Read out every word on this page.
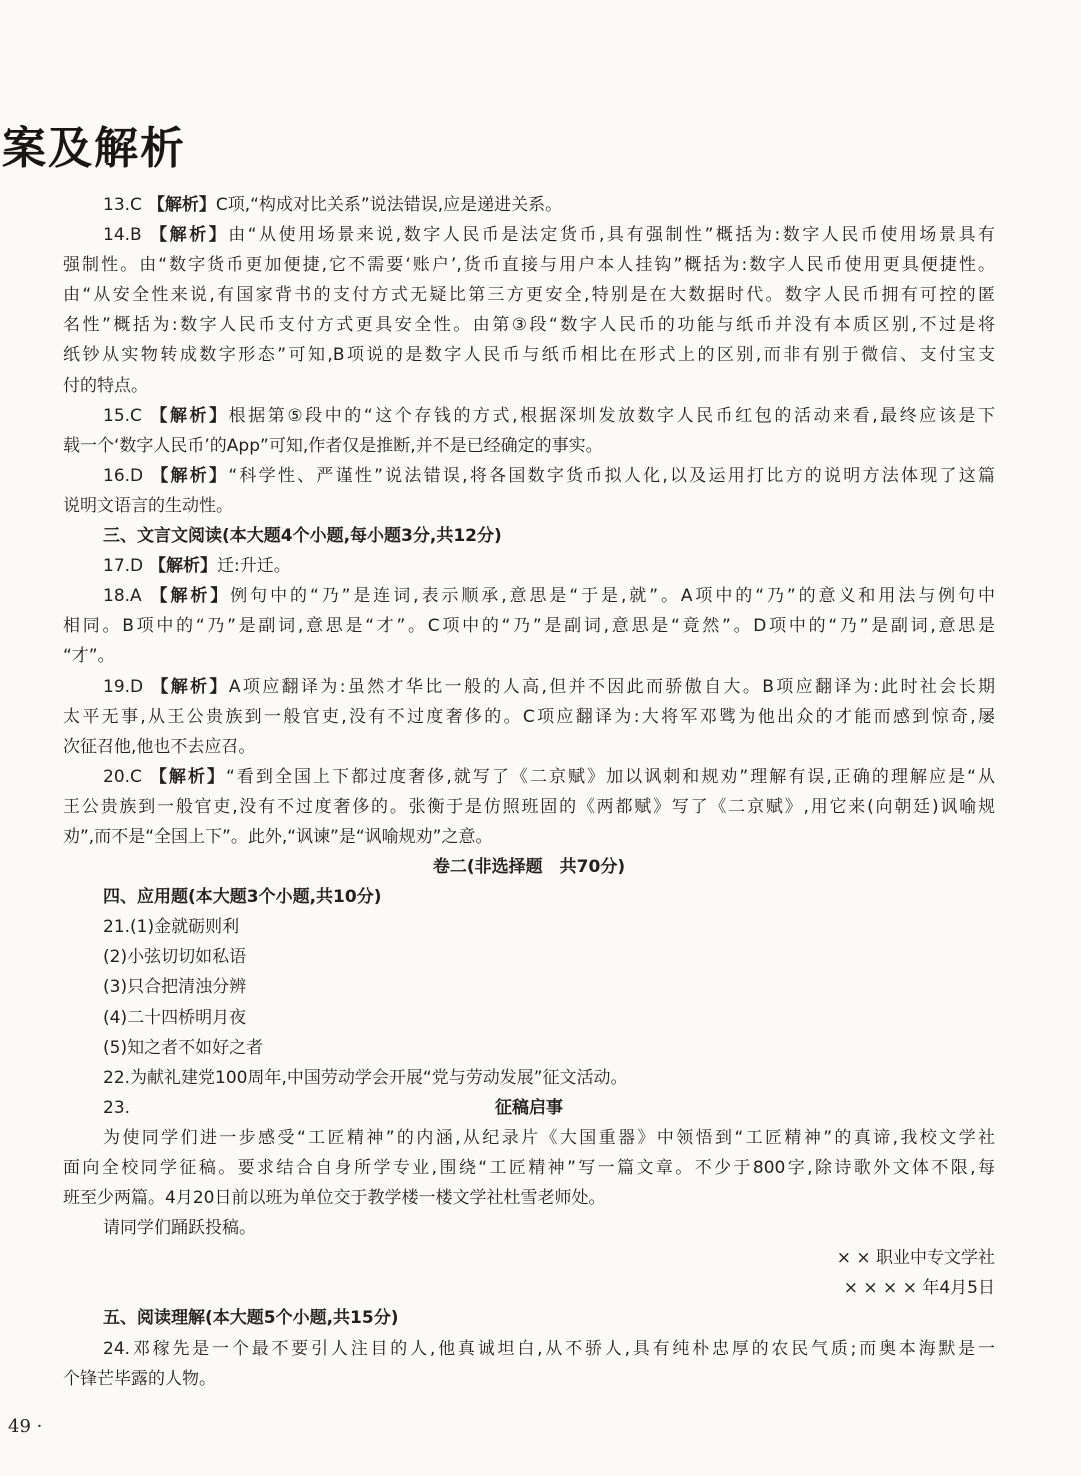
案及解析
13.C 【解析】C项,“构成对比关系”说法错误,应是递进关系。
14.B 【解析】由“从使用场景来说,数字人民币是法定货币,具有强制性”概括为:数字人民币使用场景具有
强制性。由“数字货币更加便捷,它不需要‘账户’,货币直接与用户本人挂钩”概括为:数字人民币使用更具便捷性。
由“从安全性来说,有国家背书的支付方式无疑比第三方更安全,特别是在大数据时代。数字人民币拥有可控的匿
名性”概括为:数字人民币支付方式更具安全性。由第③段“数字人民币的功能与纸币并没有本质区别,不过是将
纸钞从实物转成数字形态”可知,B项说的是数字人民币与纸币相比在形式上的区别,而非有别于微信、支付宝支
付的特点。
15.C 【解析】根据第⑤段中的“这个存钱的方式,根据深圳发放数字人民币红包的活动来看,最终应该是下
载一个‘数字人民币’的App”可知,作者仅是推断,并不是已经确定的事实。
16.D 【解析】“科学性、严谨性”说法错误,将各国数字货币拟人化,以及运用打比方的说明方法体现了这篇
说明文语言的生动性。
三、文言文阅读(本大题4个小题,每小题3分,共12分)
17.D 【解析】迁:升迁。
18.A 【解析】例句中的“乃”是连词,表示顺承,意思是“于是,就”。A项中的“乃”的意义和用法与例句中
相同。B项中的“乃”是副词,意思是“才”。C项中的“乃”是副词,意思是“竟然”。D项中的“乃”是副词,意思是
“才”。
19.D 【解析】A项应翻译为:虽然才华比一般的人高,但并不因此而骄傲自大。B项应翻译为:此时社会长期
太平无事,从王公贵族到一般官吏,没有不过度奢侈的。C项应翻译为:大将军邓骘为他出众的才能而感到惊奇,屡
次征召他,他也不去应召。
20.C 【解析】“看到全国上下都过度奢侈,就写了《二京赋》加以讽刺和规劝”理解有误,正确的理解应是“从
王公贵族到一般官吏,没有不过度奢侈的。张衡于是仿照班固的《两都赋》写了《二京赋》,用它来(向朝廷)讽喻规
劝”,而不是“全国上下”。此外,“讽谏”是“讽喻规劝”之意。
卷二(非选择题　共70分)
四、应用题(本大题3个小题,共10分)
21.(1)金就砺则利
(2)小弦切切如私语
(3)只合把清浊分辨
(4)二十四桥明月夜
(5)知之者不如好之者
22.为献礼建党100周年,中国劳动学会开展“党与劳动发展”征文活动。
23.	征稿启事
为使同学们进一步感受“工匠精神”的内涵,从纪录片《大国重器》中领悟到“工匠精神”的真谛,我校文学社
面向全校同学征稿。要求结合自身所学专业,围绕“工匠精神”写一篇文章。不少于800字,除诗歌外文体不限,每
班至少两篇。4月20日前以班为单位交于教学楼一楼文学社杜雪老师处。
请同学们踊跃投稿。
× × 职业中专文学社
× × × × 年4月5日
五、阅读理解(本大题5个小题,共15分)
24.邓稼先是一个最不要引人注目的人,他真诚坦白,从不骄人,具有纯朴忠厚的农民气质;而奥本海默是一
个锋芒毕露的人物。
49 ·
